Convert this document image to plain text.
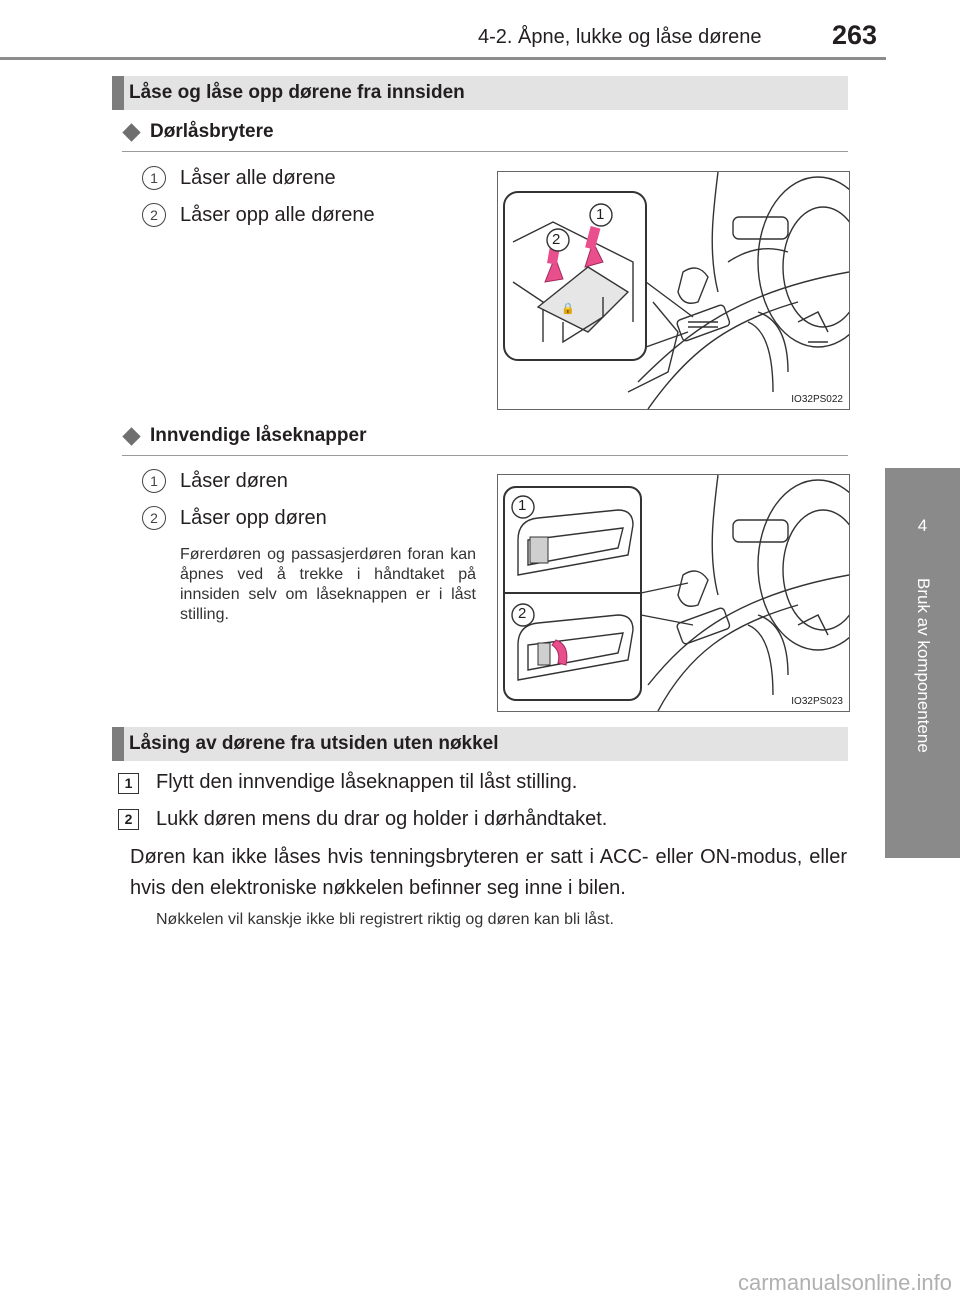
4-2. Åpne, lukke og låse dørene	263
4
Bruk av komponentene
Låse og låse opp dørene fra innsiden
Dørlåsbrytere
1	Låser alle dørene
2	Låser opp alle dørene
🔒
2
1
IO32PS022
Innvendige låseknapper
1	Låser døren
2	Låser opp døren
Førerdøren og passasjerdøren foran kan åpnes ved å trekke i håndtaket på innsiden selv om låseknappen er i låst stilling.
1
2
IO32PS023
Låsing av dørene fra utsiden uten nøkkel
1	Flytt den innvendige låseknappen til låst stilling.
2	Lukk døren mens du drar og holder i dørhåndtaket.
Døren kan ikke låses hvis tenningsbryteren er satt i ACC- eller ON-modus, eller hvis den elektroniske nøkkelen befinner seg inne i bilen.
Nøkkelen vil kanskje ikke bli registrert riktig og døren kan bli låst.
carmanualsonline.info
